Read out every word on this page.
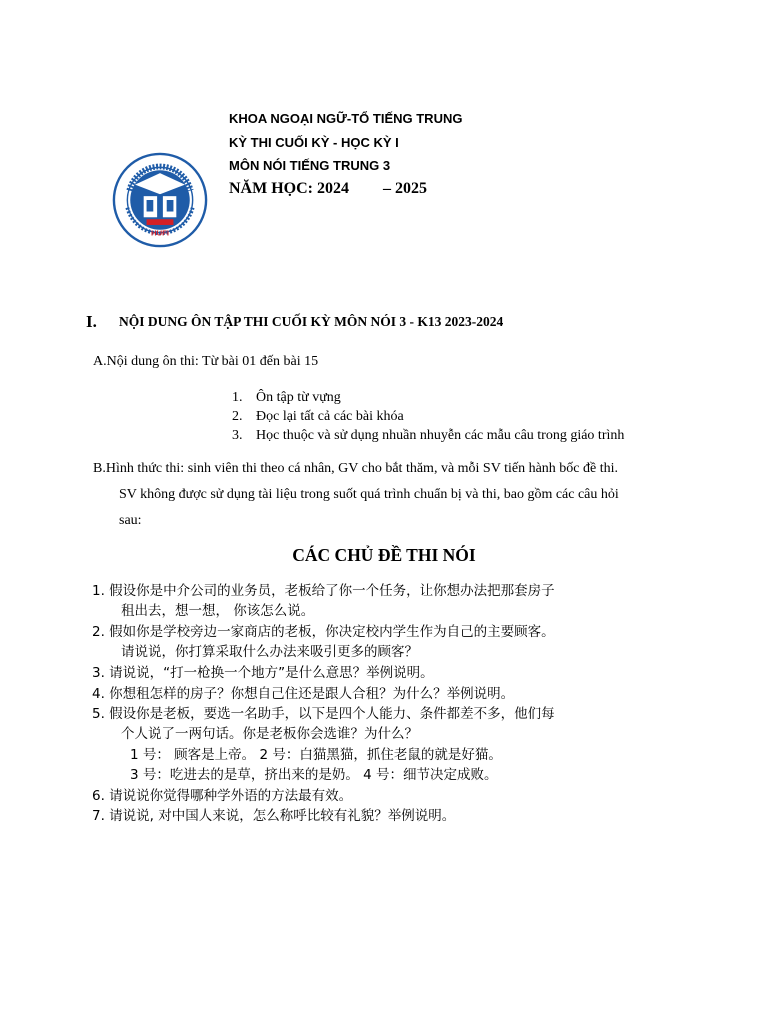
KHOA NGOẠI NGỮ-TỔ TIẾNG TRUNG
KỲ THI CUỐI KỲ - HỌC KỲ I
MÔN NÓI TIẾNG TRUNG 3
NĂM HỌC: 2024 – 2025
HUFI
I. NỘI DUNG ÔN TẬP THI CUỐI KỲ MÔN NÓI 3 - K13 2023-2024
A.Nội dung ôn thi: Từ bài 01 đến bài 15
1. Ôn tập từ vựng
2. Đọc lại tất cả các bài khóa
3. Học thuộc và sử dụng nhuần nhuyễn các mẫu câu trong giáo trình
B.Hình thức thi: sinh viên thi theo cá nhân, GV cho bắt thăm, và mỗi SV tiến hành bốc đề thi.
SV không được sử dụng tài liệu trong suốt quá trình chuẩn bị và thi, bao gồm các câu hỏi
sau:
CÁC CHỦ ĐỀ THI NÓI
1. 假设你是中介公司的业务员，老板给了你一个任务，让你想办法把那套房子
租出去，想一想， 你该怎么说。
2. 假如你是学校旁边一家商店的老板，你决定校内学生作为自己的主要顾客。
请说说，你打算采取什么办法来吸引更多的顾客？
3. 请说说，“打一枪换一个地方”是什么意思？举例说明。
4. 你想租怎样的房子？你想自己住还是跟人合租？为什么？举例说明。
5. 假设你是老板，要选一名助手，以下是四个人能力、条件都差不多，他们每
个人说了一两句话。你是老板你会选谁？为什么？
1 号： 顾客是上帝。 2 号：白猫黑猫，抓住老鼠的就是好猫。
3 号：吃进去的是草，挤出来的是奶。 4 号：细节决定成败。
6. 请说说你觉得哪种学外语的方法最有效。
7. 请说说, 对中国人来说，怎么称呼比较有礼貌？举例说明。
